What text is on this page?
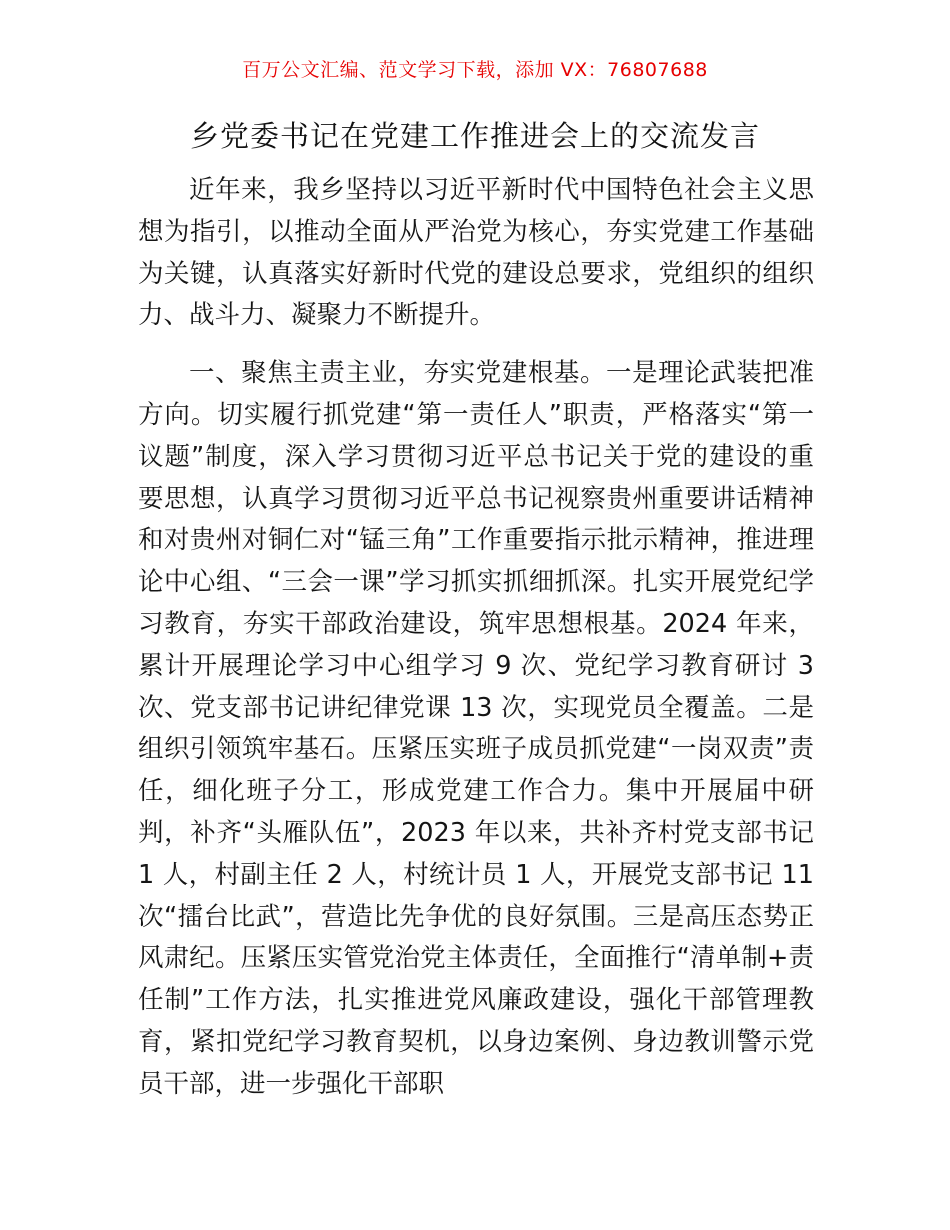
百万公文汇编、范文学习下载，添加 VX：76807688
乡党委书记在党建工作推进会上的交流发言

近年来，我乡坚持以习近平新时代中国特色社会主义思想为指引，以推动全面从严治党为核心，夯实党建工作基础为关键，认真落实好新时代党的建设总要求，党组织的组织力、战斗力、凝聚力不断提升。

一、聚焦主责主业，夯实党建根基。一是理论武装把准方向。切实履行抓党建“第一责任人”职责，严格落实“第一议题”制度，深入学习贯彻习近平总书记关于党的建设的重要思想，认真学习贯彻习近平总书记视察贵州重要讲话精神和对贵州对铜仁对“锰三角”工作重要指示批示精神，推进理论中心组、“三会一课”学习抓实抓细抓深。扎实开展党纪学习教育，夯实干部政治建设，筑牢思想根基。2024 年来，累计开展理论学习中心组学习 9 次、党纪学习教育研讨 3 次、党支部书记讲纪律党课 13 次，实现党员全覆盖。二是组织引领筑牢基石。压紧压实班子成员抓党建“一岗双责”责任，细化班子分工，形成党建工作合力。集中开展届中研判，补齐“头雁队伍”，2023 年以来，共补齐村党支部书记 1 人，村副主任 2 人，村统计员 1 人，开展党支部书记 11 次“擂台比武”，营造比先争优的良好氛围。三是高压态势正风肃纪。压紧压实管党治党主体责任，全面推行“清单制+责任制”工作方法，扎实推进党风廉政建设，强化干部管理教育，紧扣党纪学习教育契机，以身边案例、身边教训警示党员干部，进一步强化干部职
